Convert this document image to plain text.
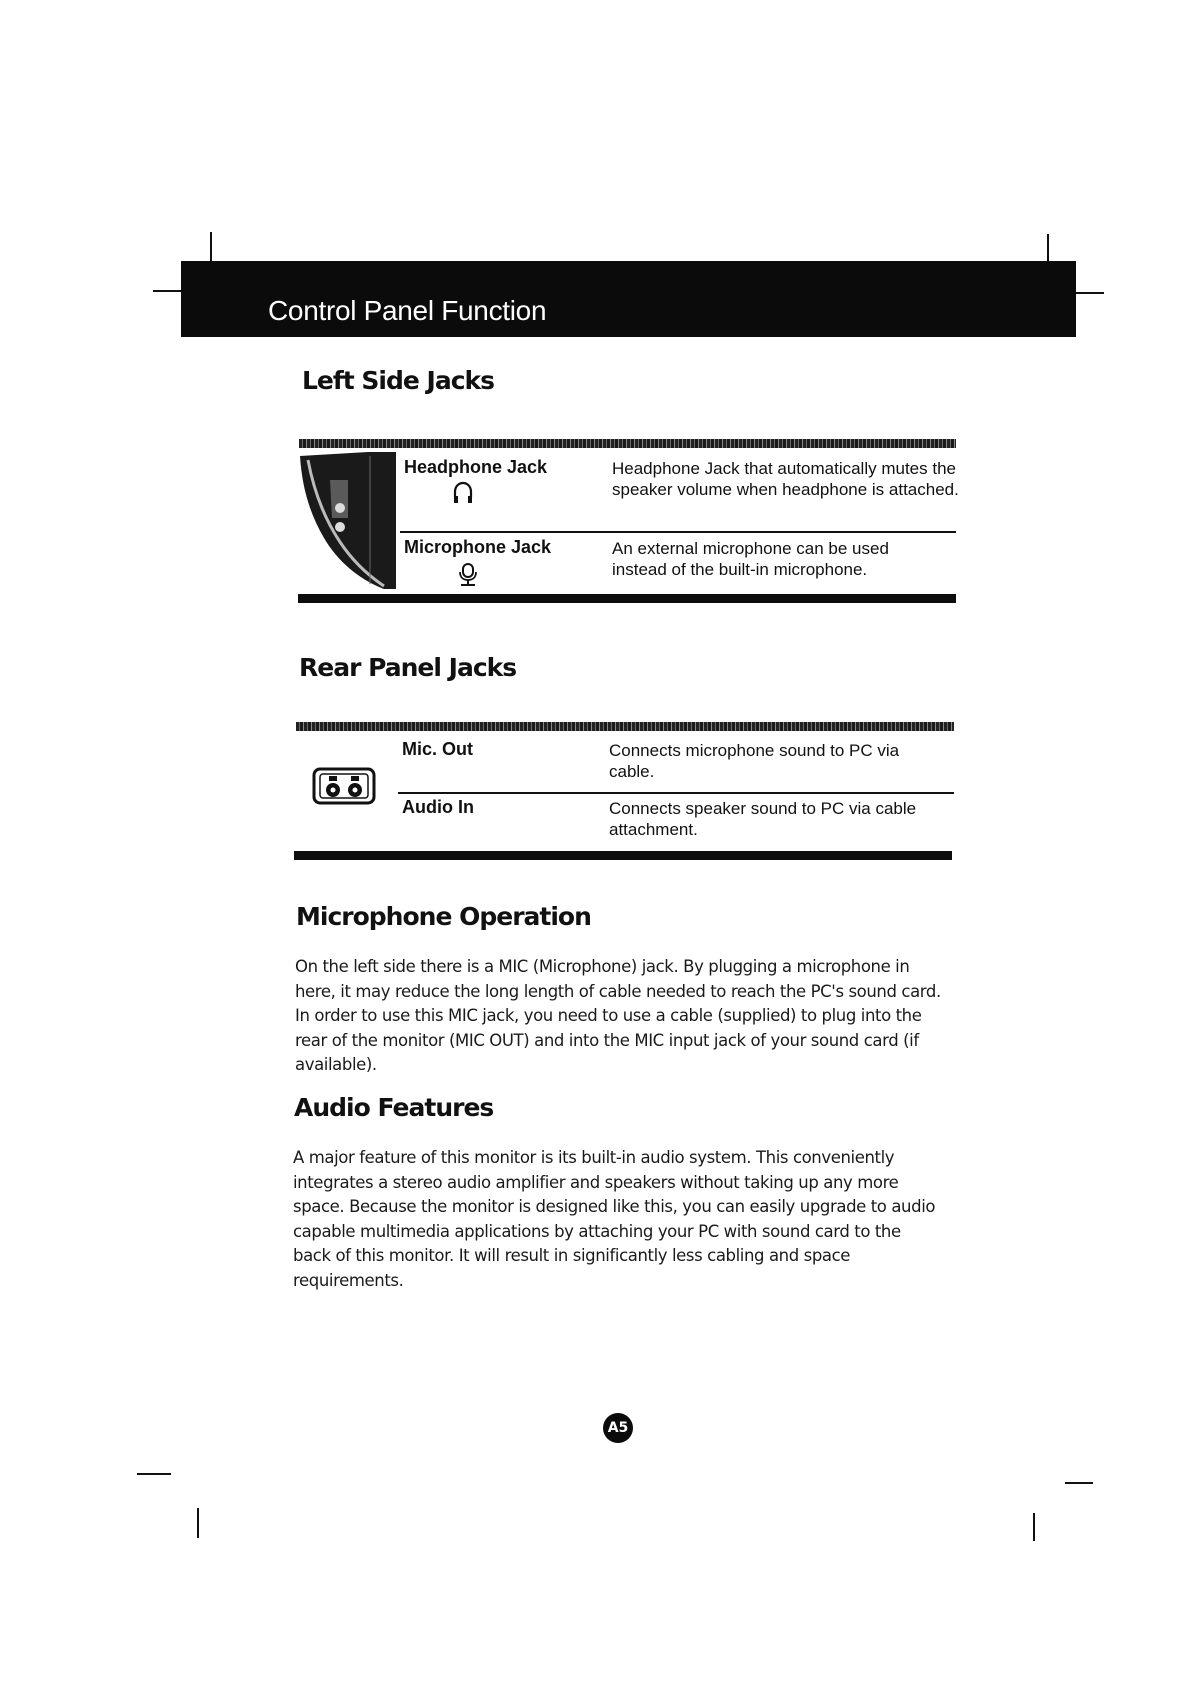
Control Panel Function
Left Side Jacks
Headphone Jack	Headphone Jack that automatically mutes the speaker volume when headphone is attached.
Microphone Jack	An external microphone can be used instead of the built-in microphone.
Rear Panel Jacks
Mic. Out	Connects microphone sound to PC via cable.
Audio In	Connects speaker sound to PC via cable attachment.
Microphone Operation

On the left side there is a MIC (Microphone) jack. By plugging a microphone in here, it may reduce the long length of cable needed to reach the PC's sound card. In order to use this MIC jack, you need to use a cable (supplied) to plug into the rear of the monitor (MIC OUT) and into the MIC input jack of your sound card (if available).

Audio Features

A major feature of this monitor is its built-in audio system. This conveniently integrates a stereo audio amplifier and speakers without taking up any more space. Because the monitor is designed like this, you can easily upgrade to audio capable multimedia applications by attaching your PC with sound card to the back of this monitor. It will result in significantly less cabling and space requirements.

A5
